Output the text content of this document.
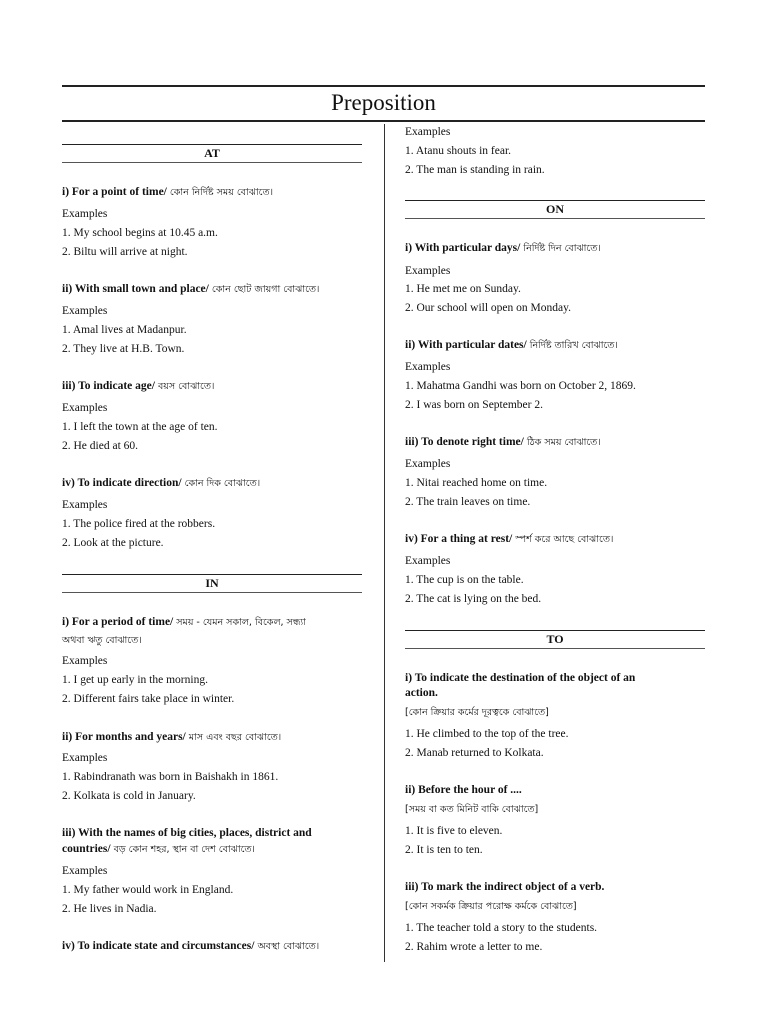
Preposition
AT
i) For a point of time/ কোন নির্দিষ্ট সময় বোঝাতে।
Examples
1. My school begins at 10.45 a.m.
2. Biltu will arrive at night.
ii) With small town and place/ কোন ছোট জায়গা বোঝাতে।
Examples
1. Amal lives at Madanpur.
2. They live at H.B. Town.
iii) To indicate age/ বয়স বোঝাতে।
Examples
1. I left the town at the age of ten.
2. He died at 60.
iv) To indicate direction/ কোন দিক বোঝাতে।
Examples
1. The police fired at the robbers.
2. Look at the picture.
IN
i) For a period of time/ সময় - যেমন সকাল, বিকেল, সন্ধ্যা
অথবা ঋতু বোঝাতে।
Examples
1. I get up early in the morning.
2. Different fairs take place in winter.
ii) For months and years/ মাস এবং বছর বোঝাতে।
Examples
1. Rabindranath was born in Baishakh in 1861.
2. Kolkata is cold in January.
iii) With the names of big cities, places, district and
countries/ বড় কোন শহর, স্থান বা দেশ বোঝাতে।
Examples
1. My father would work in England.
2. He lives in Nadia.
iv) To indicate state and circumstances/ অবস্থা বোঝাতে।
Examples
1. Atanu shouts in fear.
2. The man is standing in rain.
ON
i) With particular days/ নির্দিষ্ট দিন বোঝাতে।
Examples
1. He met me on Sunday.
2. Our school will open on Monday.
ii) With particular dates/ নির্দিষ্ট তারিখ বোঝাতে।
Examples
1. Mahatma Gandhi was born on October 2, 1869.
2. I was born on September 2.
iii) To denote right time/ ঠিক সময় বোঝাতে।
Examples
1. Nitai reached home on time.
2. The train leaves on time.
iv) For a thing at rest/ স্পর্শ করে আছে বোঝাতে।
Examples
1. The cup is on the table.
2. The cat is lying on the bed.
TO
i) To indicate the destination of the object of an
action.
[কোন ক্রিয়ার কর্মের দূরত্বকে বোঝাতে]
1. He climbed to the top of the tree.
2. Manab returned to Kolkata.
ii) Before the hour of ....
[সময় বা কত মিনিট বাকি বোঝাতে]
1. It is five to eleven.
2. It is ten to ten.
iii) To mark the indirect object of a verb.
[কোন সকর্মক ক্রিয়ার পরোক্ষ কর্মকে বোঝাতে]
1. The teacher told a story to the students.
2. Rahim wrote a letter to me.
